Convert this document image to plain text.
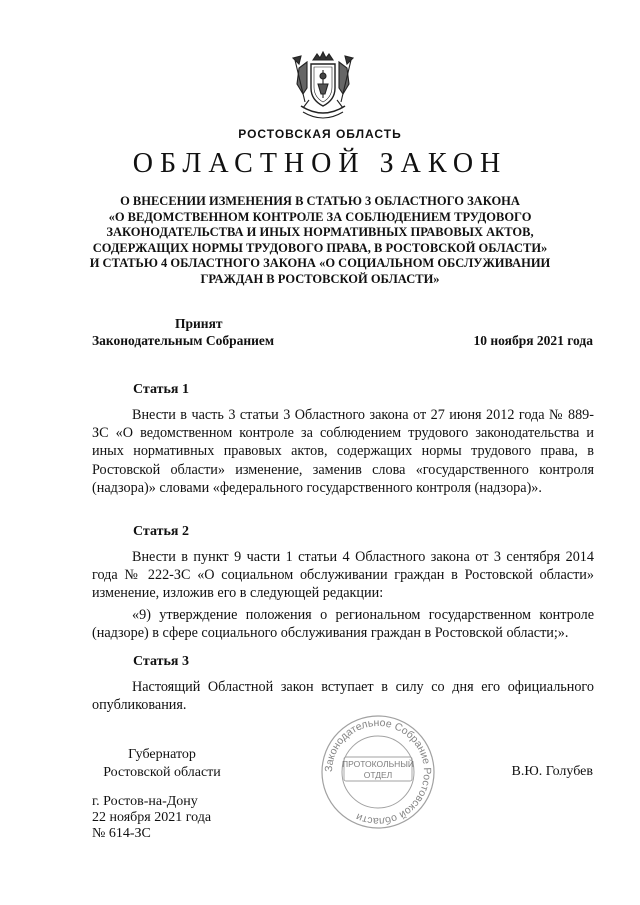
РОСТОВСКАЯ ОБЛАСТЬ
ОБЛАСТНОЙ ЗАКОН
О ВНЕСЕНИИ ИЗМЕНЕНИЯ В СТАТЬЮ 3 ОБЛАСТНОГО ЗАКОНА
«О ВЕДОМСТВЕННОМ КОНТРОЛЕ ЗА СОБЛЮДЕНИЕМ ТРУДОВОГО
ЗАКОНОДАТЕЛЬСТВА И ИНЫХ НОРМАТИВНЫХ ПРАВОВЫХ АКТОВ,
СОДЕРЖАЩИХ НОРМЫ ТРУДОВОГО ПРАВА, В РОСТОВСКОЙ ОБЛАСТИ»
И СТАТЬЮ 4 ОБЛАСТНОГО ЗАКОНА «О СОЦИАЛЬНОМ ОБСЛУЖИВАНИИ
ГРАЖДАН В РОСТОВСКОЙ ОБЛАСТИ»
Принят
Законодательным Собранием	10 ноября 2021 года
Статья 1
Внести в часть 3 статьи 3 Областного закона от 27 июня 2012 года № 889-ЗС «О ведомственном контроле за соблюдением трудового законодательства и иных нормативных правовых актов, содержащих нормы трудового права, в Ростовской области» изменение, заменив слова «государственного контроля (надзора)» словами «федерального государственного контроля (надзора)».
Статья 2
Внести в пункт 9 части 1 статьи 4 Областного закона от 3 сентября 2014 года № 222-ЗС «О социальном обслуживании граждан в Ростовской области» изменение, изложив его в следующей редакции:
«9) утверждение положения о региональном государственном контроле (надзоре) в сфере социального обслуживания граждан в Ростовской области;».
Статья 3
Настоящий Областной закон вступает в силу со дня его официального опубликования.
Губернатор
Ростовской области	В.Ю. Голубев
Законодательное Собрание Ростовской области
ПРОТОКОЛЬНЫЙ
ОТДЕЛ
г. Ростов-на-Дону
22 ноября 2021 года
№ 614-ЗС
